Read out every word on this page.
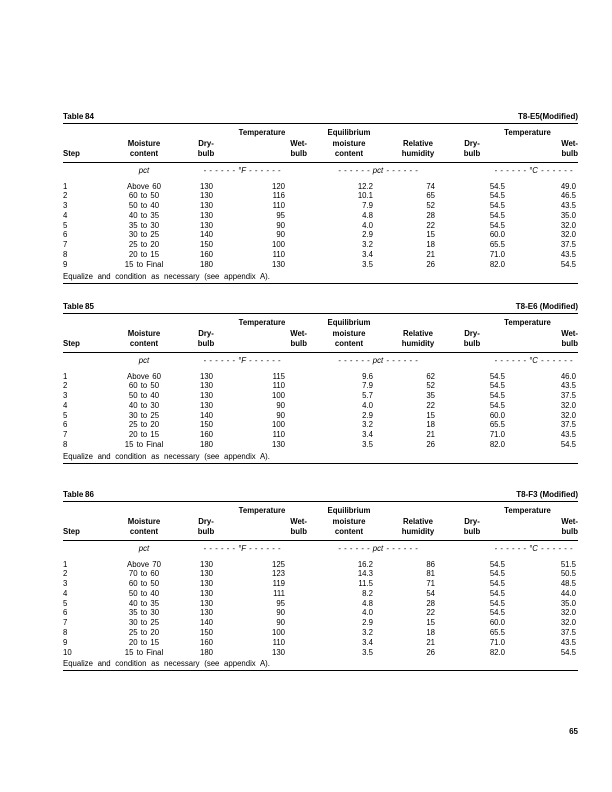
Table 84	T8-E5(Modified)
Temperature	Equilibrium	Temperature
Moisture	Dry-	Wet-	moisture	Relative	Dry-	Wet-
Step	content	bulb	bulb	content	humidity	bulb	bulb
pct	- - - - - - °F - - - - - -	- - - - - - pct - - - - - -	- - - - - - °C - - - - - -
1	Above 60	130	120	12.2	74	54.5	49.0
2	60 to 50	130	116	10.1	65	54.5	46.5
3	50 to 40	130	110	7.9	52	54.5	43.5
4	40 to 35	130	95	4.8	28	54.5	35.0
5	35 to 30	130	90	4.0	22	54.5	32.0
6	30 to 25	140	90	2.9	15	60.0	32.0
7	25 to 20	150	100	3.2	18	65.5	37.5
8	20 to 15	160	110	3.4	21	71.0	43.5
9	15 to Final	180	130	3.5	26	82.0	54.5
Equalize and condition as necessary (see appendix A).
Table 85	T8-E6 (Modified)
Temperature	Equilibrium	Temperature
Moisture	Dry-	Wet-	moisture	Relative	Dry-	Wet-
Step	content	bulb	bulb	content	humidity	bulb	bulb
pct	- - - - - - °F - - - - - -	- - - - - - pct - - - - - -	- - - - - - °C - - - - - -
1	Above 60	130	115	9.6	62	54.5	46.0
2	60 to 50	130	110	7.9	52	54.5	43.5
3	50 to 40	130	100	5.7	35	54.5	37.5
4	40 to 30	130	90	4.0	22	54.5	32.0
5	30 to 25	140	90	2.9	15	60.0	32.0
6	25 to 20	150	100	3.2	18	65.5	37.5
7	20 to 15	160	110	3.4	21	71.0	43.5
8	15 to Final	180	130	3.5	26	82.0	54.5
Equalize and condition as necessary (see appendix A).
Table 86	T8-F3 (Modified)
Temperature	Equilibrium	Temperature
Moisture	Dry-	Wet-	moisture	Relative	Dry-	Wet-
Step	content	bulb	bulb	content	humidity	bulb	bulb
pct	- - - - - - °F - - - - - -	- - - - - - pct - - - - - -	- - - - - - °C - - - - - -
1	Above 70	130	125	16.2	86	54.5	51.5
2	70 to 60	130	123	14.3	81	54.5	50.5
3	60 to 50	130	119	11.5	71	54.5	48.5
4	50 to 40	130	111	8.2	54	54.5	44.0
5	40 to 35	130	95	4.8	28	54.5	35.0
6	35 to 30	130	90	4.0	22	54.5	32.0
7	30 to 25	140	90	2.9	15	60.0	32.0
8	25 to 20	150	100	3.2	18	65.5	37.5
9	20 to 15	160	110	3.4	21	71.0	43.5
10	15 to Final	180	130	3.5	26	82.0	54.5
Equalize and condition as necessary (see appendix A).
65
